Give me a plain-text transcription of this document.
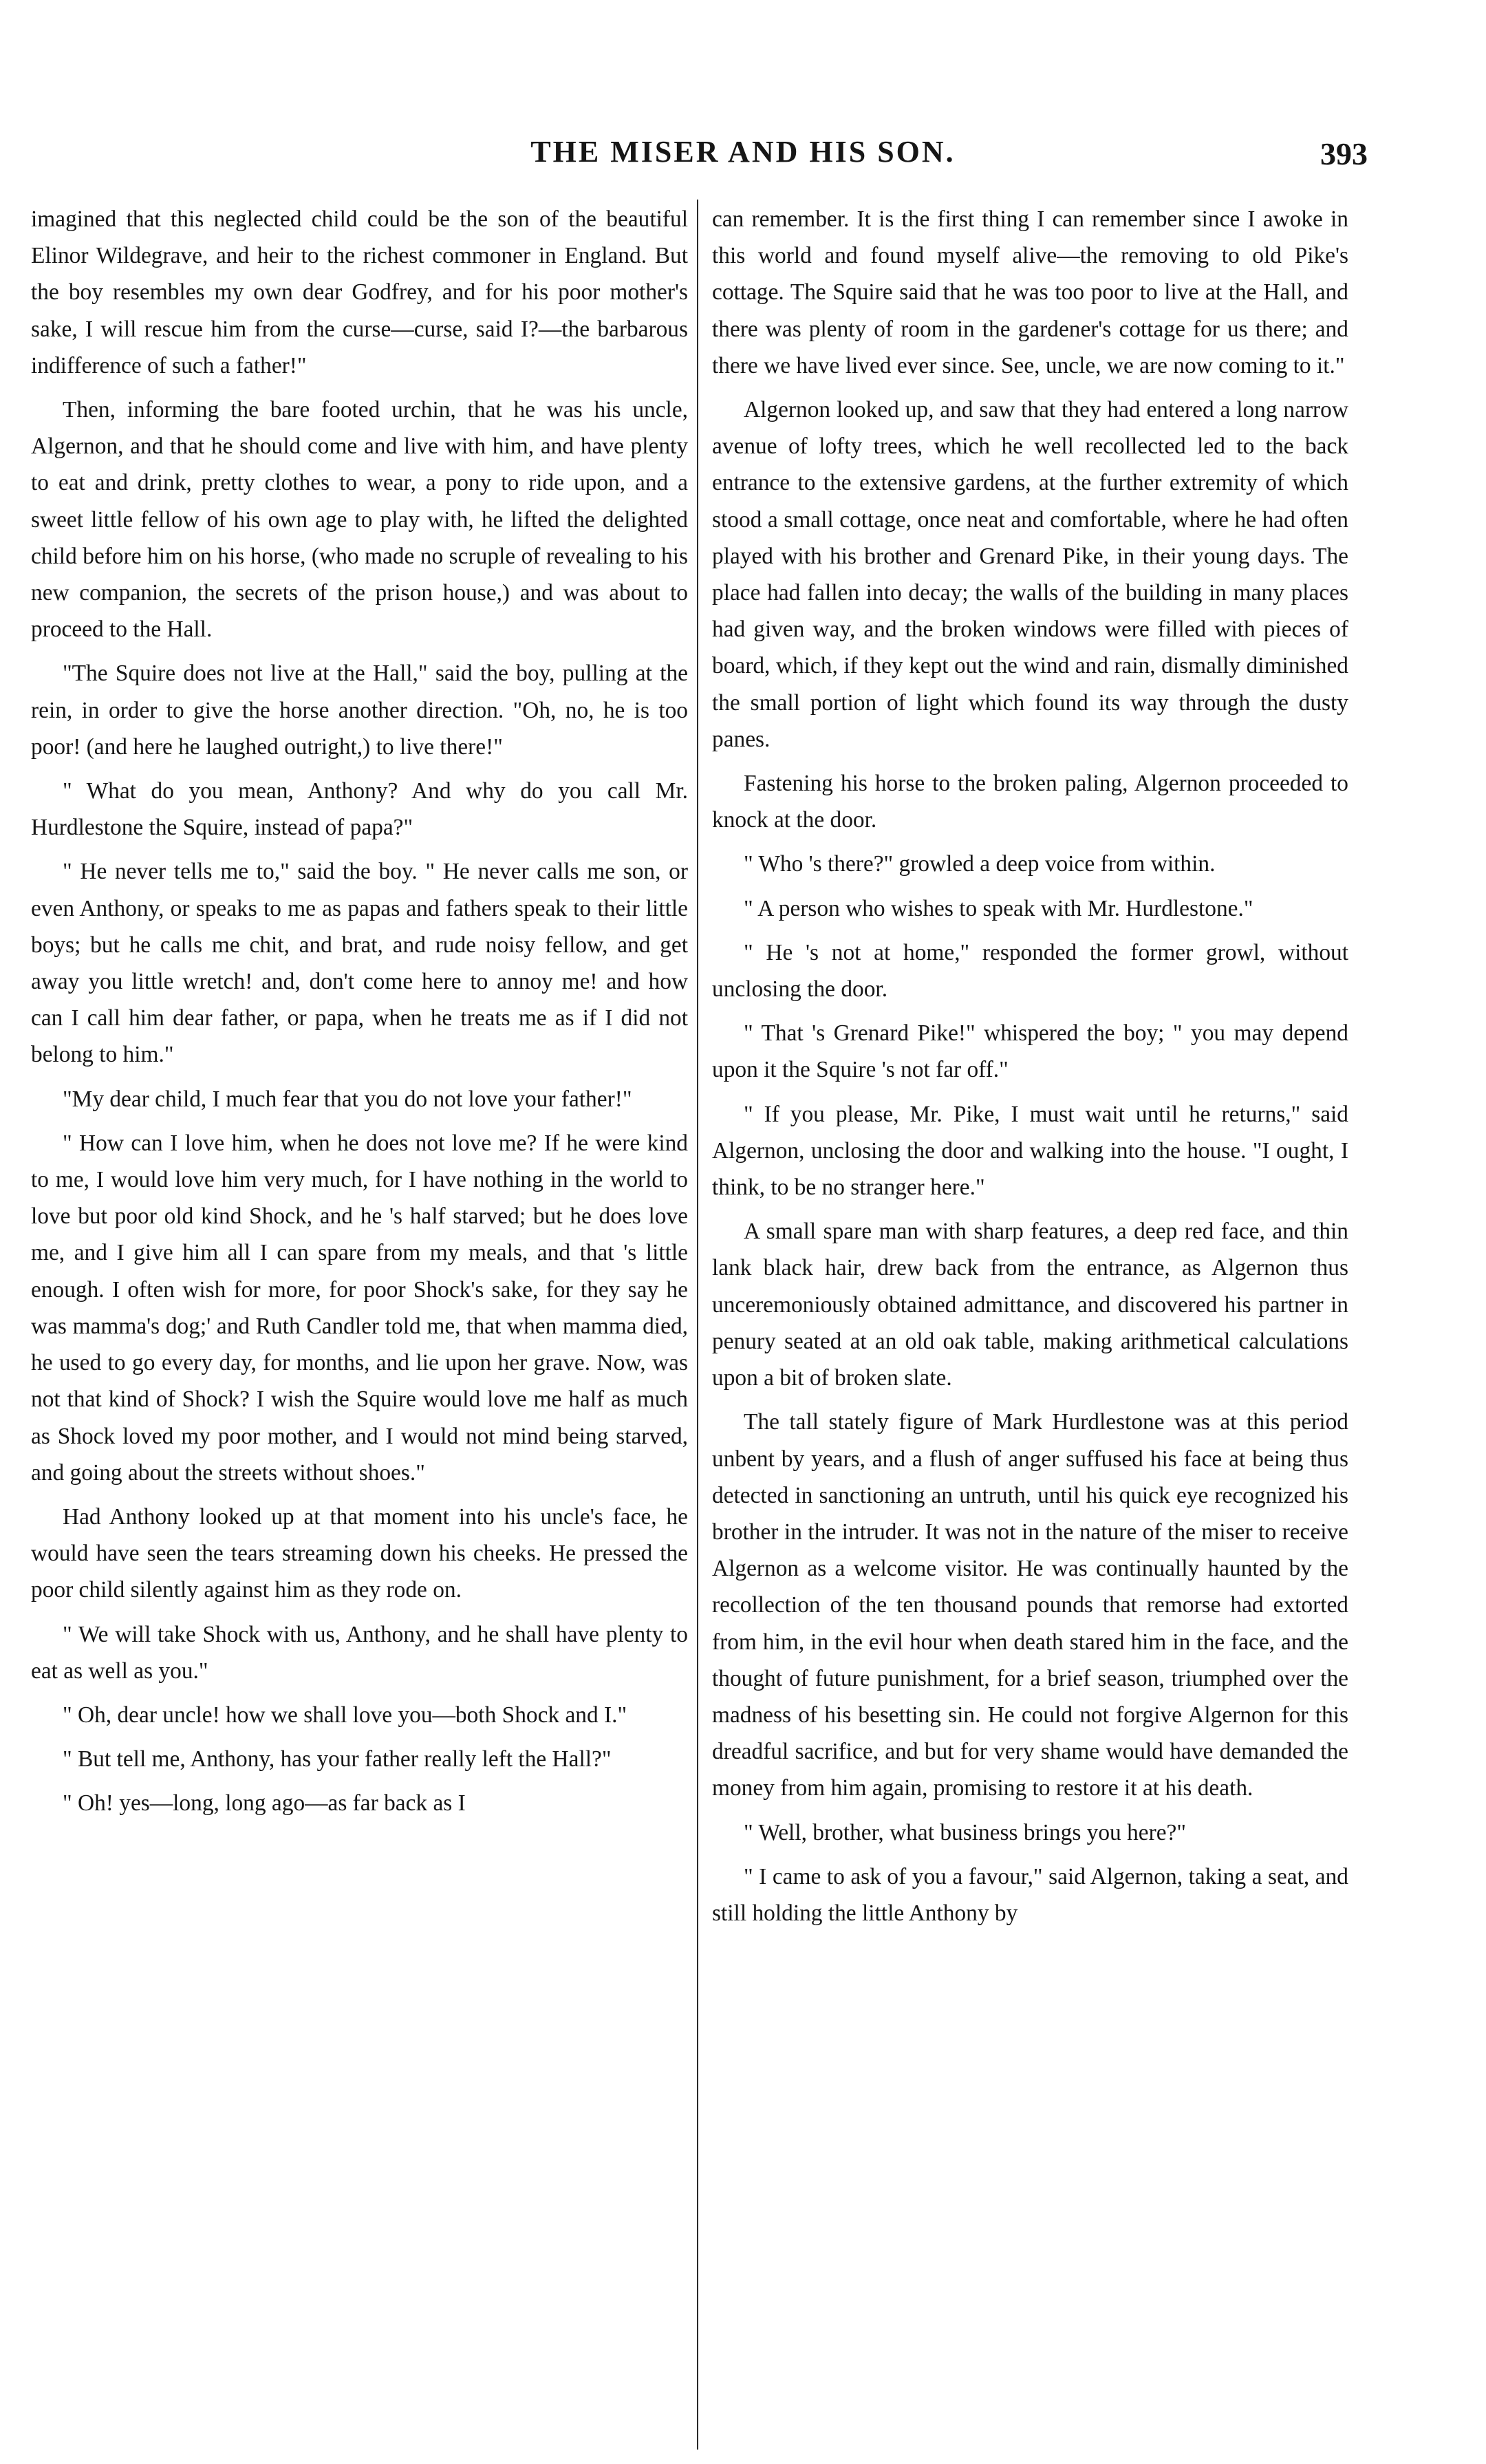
THE MISER AND HIS SON.	393

imagined that this neglected child could be the son of the beautiful Elinor Wildegrave, and heir to the richest commoner in England. But the boy resembles my own dear Godfrey, and for his poor mother's sake, I will rescue him from the curse—curse, said I?—the barbarous indifference of such a father!"

Then, informing the bare footed urchin, that he was his uncle, Algernon, and that he should come and live with him, and have plenty to eat and drink, pretty clothes to wear, a pony to ride upon, and a sweet little fellow of his own age to play with, he lifted the delighted child before him on his horse, (who made no scruple of revealing to his new companion, the secrets of the prison house,) and was about to proceed to the Hall.

"The Squire does not live at the Hall," said the boy, pulling at the rein, in order to give the horse another direction. "Oh, no, he is too poor! (and here he laughed outright,) to live there!"

" What do you mean, Anthony? And why do you call Mr. Hurdlestone the Squire, instead of papa?"

" He never tells me to," said the boy. " He never calls me son, or even Anthony, or speaks to me as papas and fathers speak to their little boys; but he calls me chit, and brat, and rude noisy fellow, and get away you little wretch! and, don't come here to annoy me! and how can I call him dear father, or papa, when he treats me as if I did not belong to him."

"My dear child, I much fear that you do not love your father!"

" How can I love him, when he does not love me? If he were kind to me, I would love him very much, for I have nothing in the world to love but poor old kind Shock, and he 's half starved; but he does love me, and I give him all I can spare from my meals, and that 's little enough. I often wish for more, for poor Shock's sake, for they say he was mamma's dog;' and Ruth Candler told me, that when mamma died, he used to go every day, for months, and lie upon her grave. Now, was not that kind of Shock? I wish the Squire would love me half as much as Shock loved my poor mother, and I would not mind being starved, and going about the streets without shoes."

Had Anthony looked up at that moment into his uncle's face, he would have seen the tears streaming down his cheeks. He pressed the poor child silently against him as they rode on.

" We will take Shock with us, Anthony, and he shall have plenty to eat as well as you."

" Oh, dear uncle! how we shall love you—both Shock and I."

" But tell me, Anthony, has your father really left the Hall?"

" Oh! yes—long, long ago—as far back as I

can remember. It is the first thing I can remember since I awoke in this world and found myself alive—the removing to old Pike's cottage. The Squire said that he was too poor to live at the Hall, and there was plenty of room in the gardener's cottage for us there; and there we have lived ever since. See, uncle, we are now coming to it."

Algernon looked up, and saw that they had entered a long narrow avenue of lofty trees, which he well recollected led to the back entrance to the extensive gardens, at the further extremity of which stood a small cottage, once neat and comfortable, where he had often played with his brother and Grenard Pike, in their young days. The place had fallen into decay; the walls of the building in many places had given way, and the broken windows were filled with pieces of board, which, if they kept out the wind and rain, dismally diminished the small portion of light which found its way through the dusty panes.

Fastening his horse to the broken paling, Algernon proceeded to knock at the door.

" Who 's there?" growled a deep voice from within.

" A person who wishes to speak with Mr. Hurdlestone."

" He 's not at home," responded the former growl, without unclosing the door.

" That 's Grenard Pike!" whispered the boy; " you may depend upon it the Squire 's not far off."

" If you please, Mr. Pike, I must wait until he returns," said Algernon, unclosing the door and walking into the house. "I ought, I think, to be no stranger here."

A small spare man with sharp features, a deep red face, and thin lank black hair, drew back from the entrance, as Algernon thus unceremoniously obtained admittance, and discovered his partner in penury seated at an old oak table, making arithmetical calculations upon a bit of broken slate.

The tall stately figure of Mark Hurdlestone was at this period unbent by years, and a flush of anger suffused his face at being thus detected in sanctioning an untruth, until his quick eye recognized his brother in the intruder. It was not in the nature of the miser to receive Algernon as a welcome visitor. He was continually haunted by the recollection of the ten thousand pounds that remorse had extorted from him, in the evil hour when death stared him in the face, and the thought of future punishment, for a brief season, triumphed over the madness of his besetting sin. He could not forgive Algernon for this dreadful sacrifice, and but for very shame would have demanded the money from him again, promising to restore it at his death.

" Well, brother, what business brings you here?"

" I came to ask of you a favour," said Algernon, taking a seat, and still holding the little Anthony by
